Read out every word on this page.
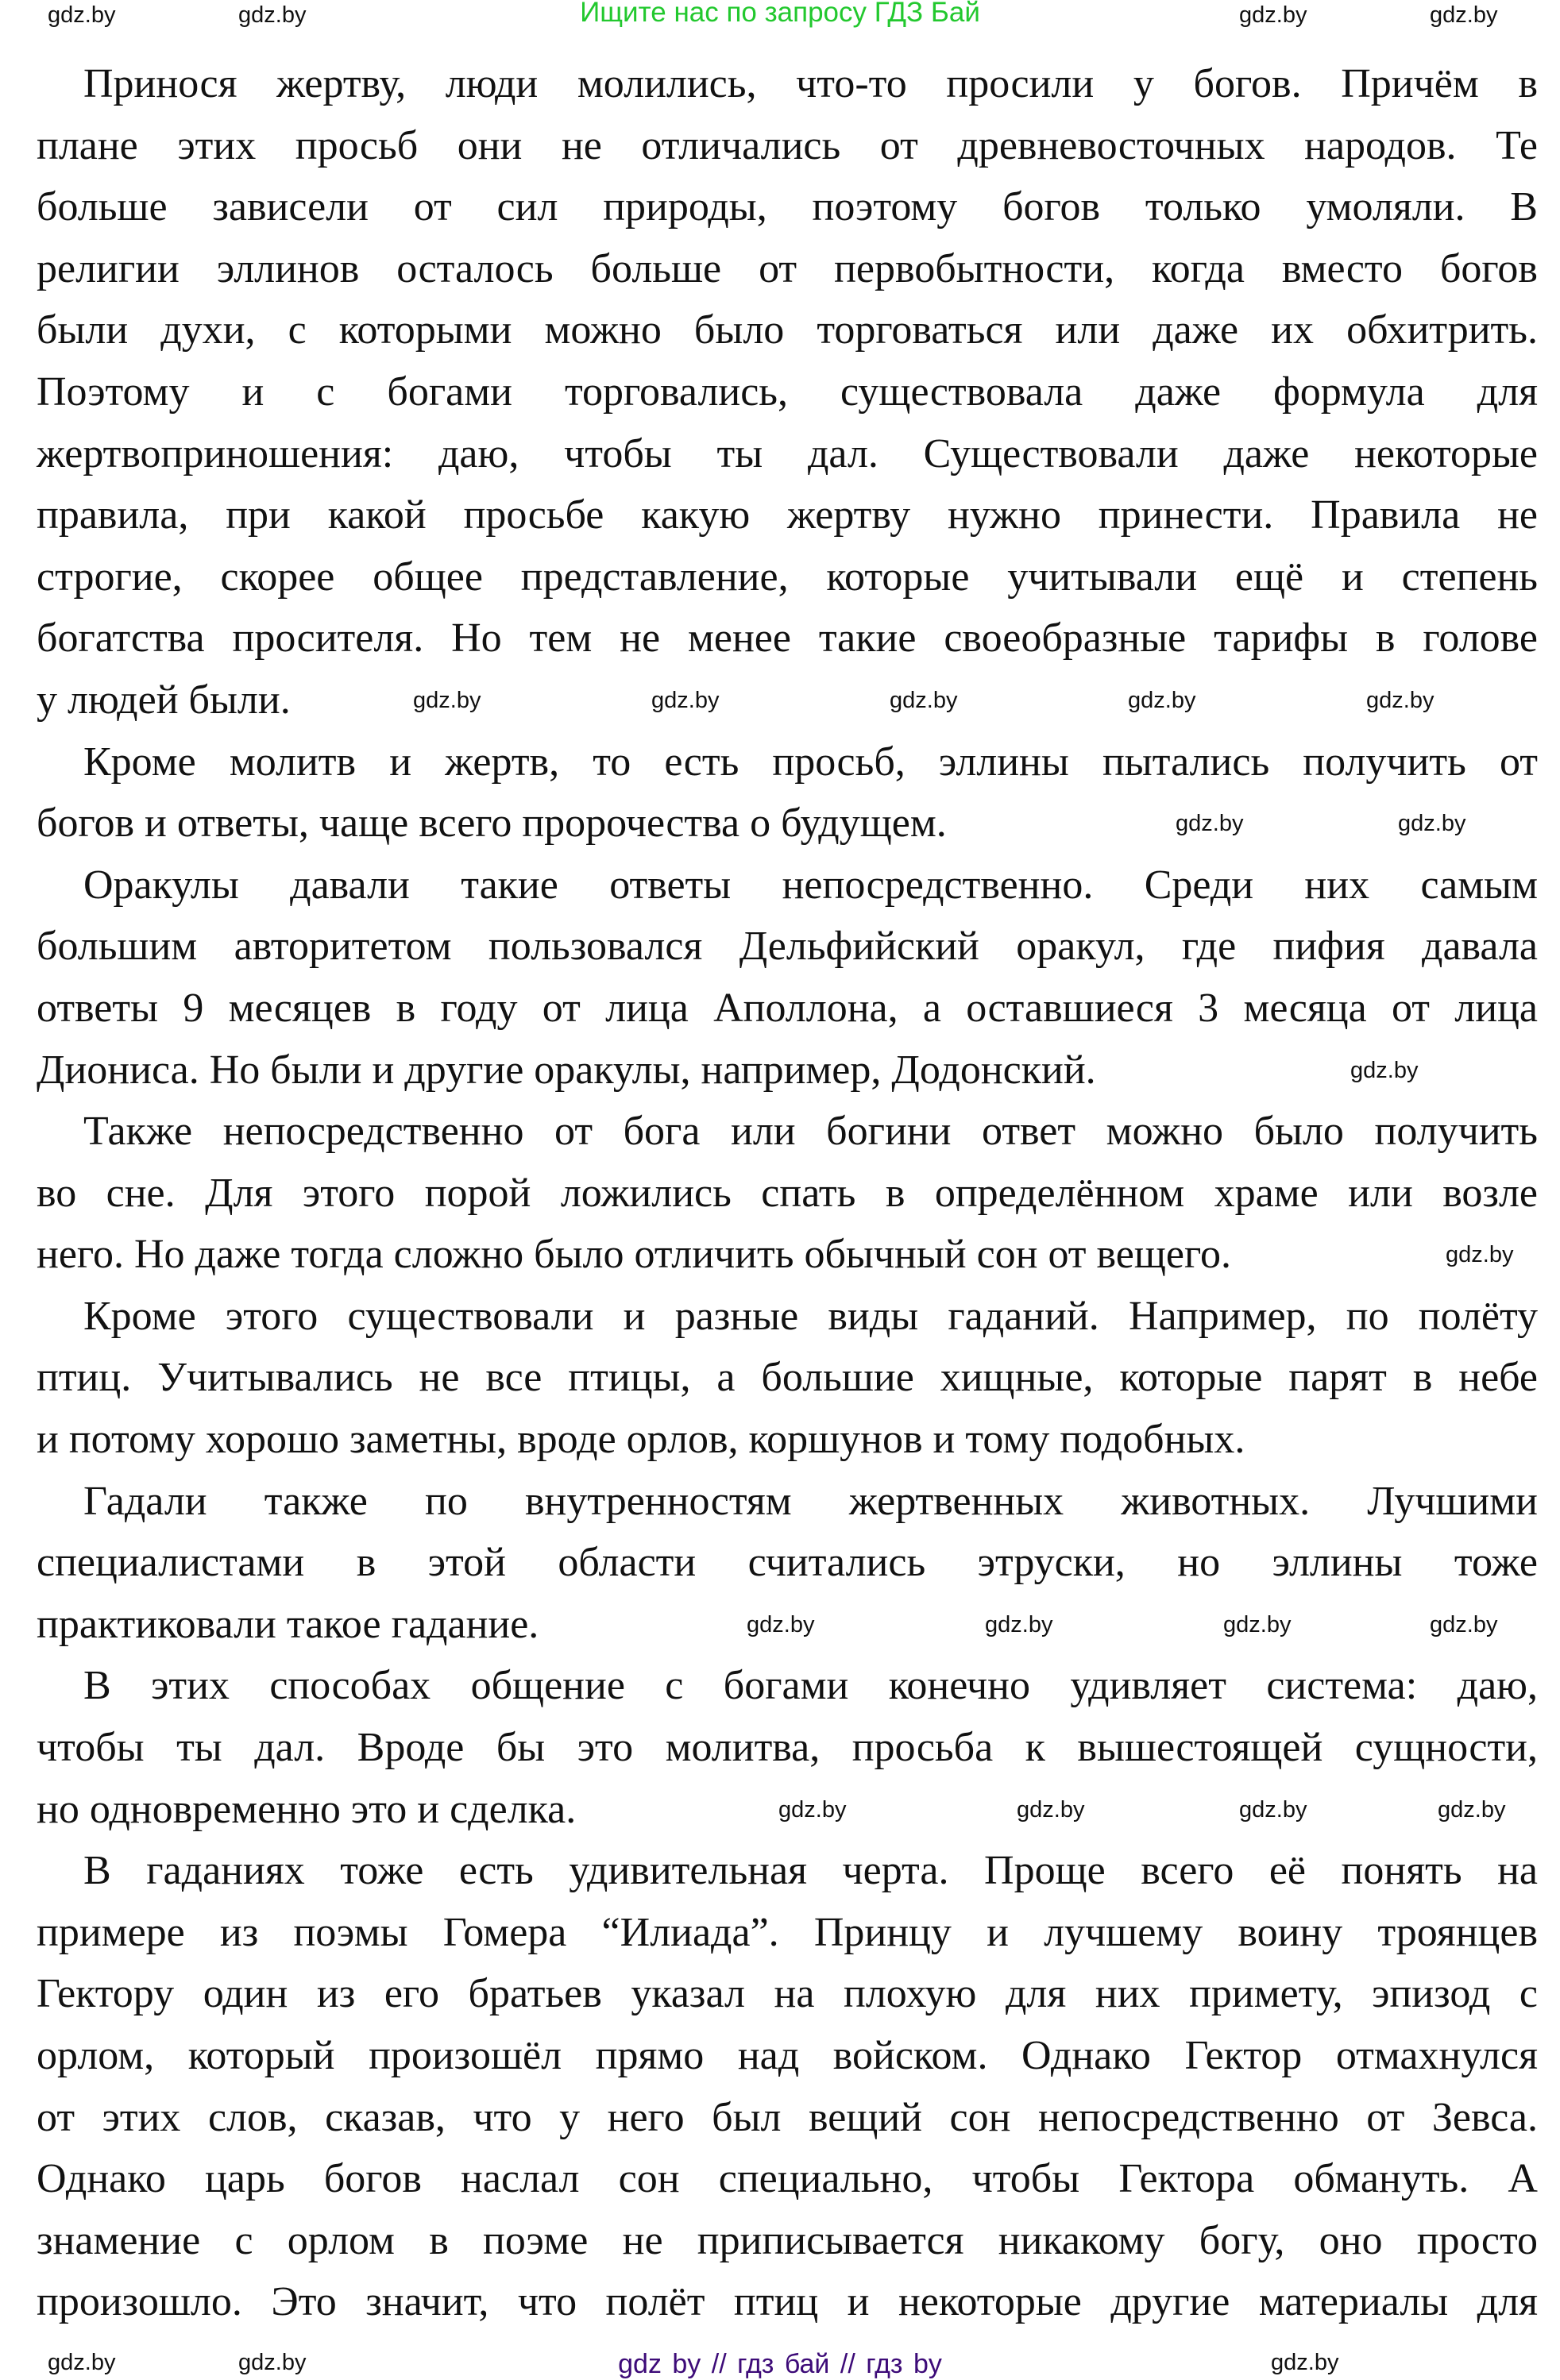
Ищите нас по запросу ГДЗ Бай
Принося жертву, люди молились, что-то просили у богов. Причём в
плане этих просьб они не отличались от древневосточных народов. Те
больше зависели от сил природы, поэтому богов только умоляли. В
религии эллинов осталось больше от первобытности, когда вместо богов
были духи, с которыми можно было торговаться или даже их обхитрить.
Поэтому и с богами торговались, существовала даже формула для
жертвоприношения: даю, чтобы ты дал. Существовали даже некоторые
правила, при какой просьбе какую жертву нужно принести. Правила не
строгие, скорее общее представление, которые учитывали ещё и степень
богатства просителя. Но тем не менее такие своеобразные тарифы в голове
у людей были.
Кроме молитв и жертв, то есть просьб, эллины пытались получить от
богов и ответы, чаще всего пророчества о будущем.
Оракулы давали такие ответы непосредственно. Среди них самым
большим авторитетом пользовался Дельфийский оракул, где пифия давала
ответы 9 месяцев в году от лица Аполлона, а оставшиеся 3 месяца от лица
Диониса. Но были и другие оракулы, например, Додонский.
Также непосредственно от бога или богини ответ можно было получить
во сне. Для этого порой ложились спать в определённом храме или возле
него. Но даже тогда сложно было отличить обычный сон от вещего.
Кроме этого существовали и разные виды гаданий. Например, по полёту
птиц. Учитывались не все птицы, а большие хищные, которые парят в небе
и потому хорошо заметны, вроде орлов, коршунов и тому подобных.
Гадали также по внутренностям жертвенных животных. Лучшими
специалистами в этой области считались этруски, но эллины тоже
практиковали такое гадание.
В этих способах общение с богами конечно удивляет система: даю,
чтобы ты дал. Вроде бы это молитва, просьба к вышестоящей сущности,
но одновременно это и сделка.
В гаданиях тоже есть удивительная черта. Проще всего её понять на
примере из поэмы Гомера “Илиада”. Принцу и лучшему воину троянцев
Гектору один из его братьев указал на плохую для них примету, эпизод с
орлом, который произошёл прямо над войском. Однако Гектор отмахнулся
от этих слов, сказав, что у него был вещий сон непосредственно от Зевса.
Однако царь богов наслал сон специально, чтобы Гектора обмануть. А
знамение с орлом в поэме не приписывается никакому богу, оно просто
произошло. Это значит, что полёт птиц и некоторые другие материалы для
gdz.by	gdz.by	gdz.by	gdz.by
gdz.by	gdz.by	gdz.by	gdz.by	gdz.by
gdz.by	gdz.by
gdz.by
gdz.by
gdz.by	gdz.by	gdz.by	gdz.by
gdz.by	gdz.by	gdz.by	gdz.by
gdz.by	gdz.by	gdz.by
gdz by // гдз бай // гдз by
